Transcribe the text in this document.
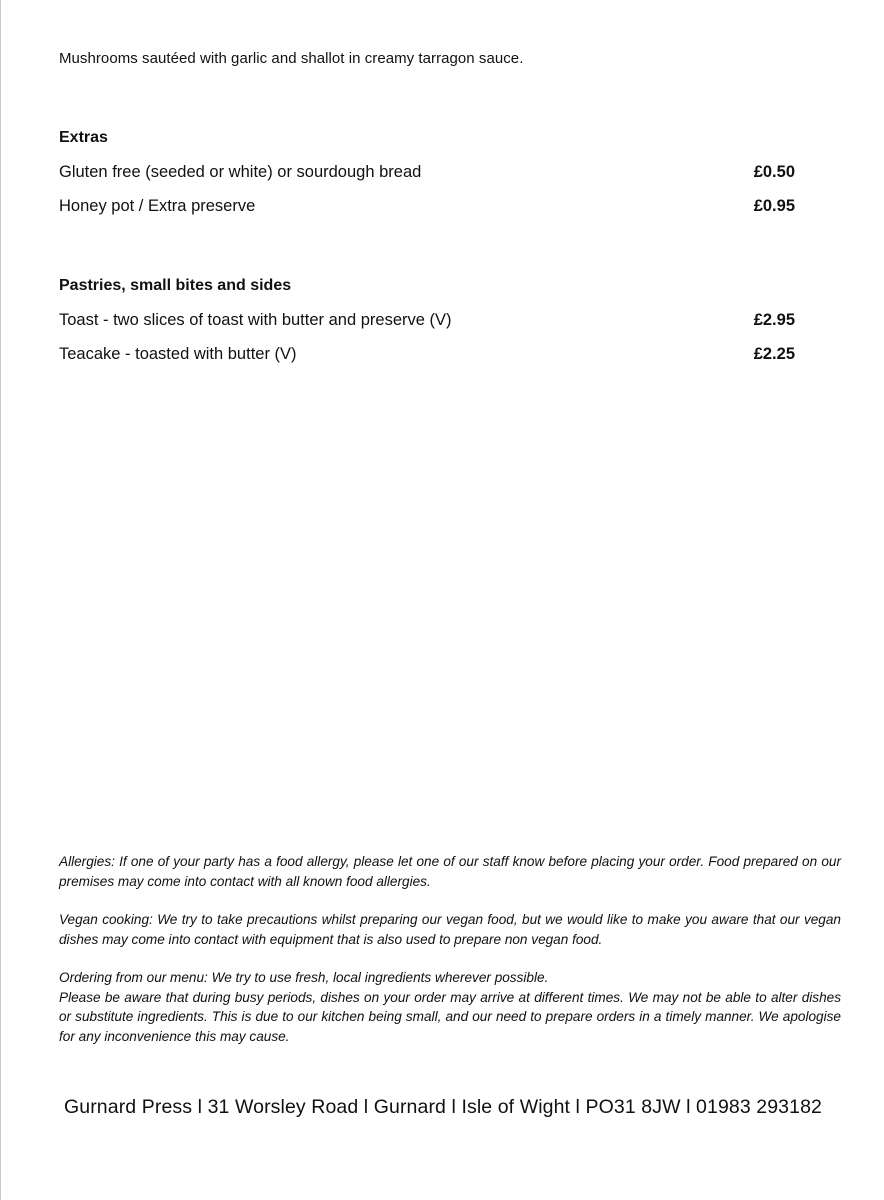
Mushrooms sautéed with garlic and shallot in creamy tarragon sauce.
Extras
Gluten free (seeded or white) or sourdough bread	£0.50
Honey pot / Extra preserve	£0.95
Pastries, small bites and sides
Toast - two slices of toast with butter and preserve (V)	£2.95
Teacake - toasted with butter (V)	£2.25

Allergies: If one of your party has a food allergy, please let one of our staff know before placing your order. Food prepared on our premises may come into contact with all known food allergies.

Vegan cooking: We try to take precautions whilst preparing our vegan food, but we would like to make you aware that our vegan dishes may come into contact with equipment that is also used to prepare non vegan food.

Ordering from our menu: We try to use fresh, local ingredients wherever possible.

Please be aware that during busy periods, dishes on your order may arrive at different times. We may not be able to alter dishes or substitute ingredients. This is due to our kitchen being small, and our need to prepare orders in a timely manner. We apologise for any inconvenience this may cause.

Gurnard Press l 31 Worsley Road l Gurnard l Isle of Wight l PO31 8JW l 01983 293182
